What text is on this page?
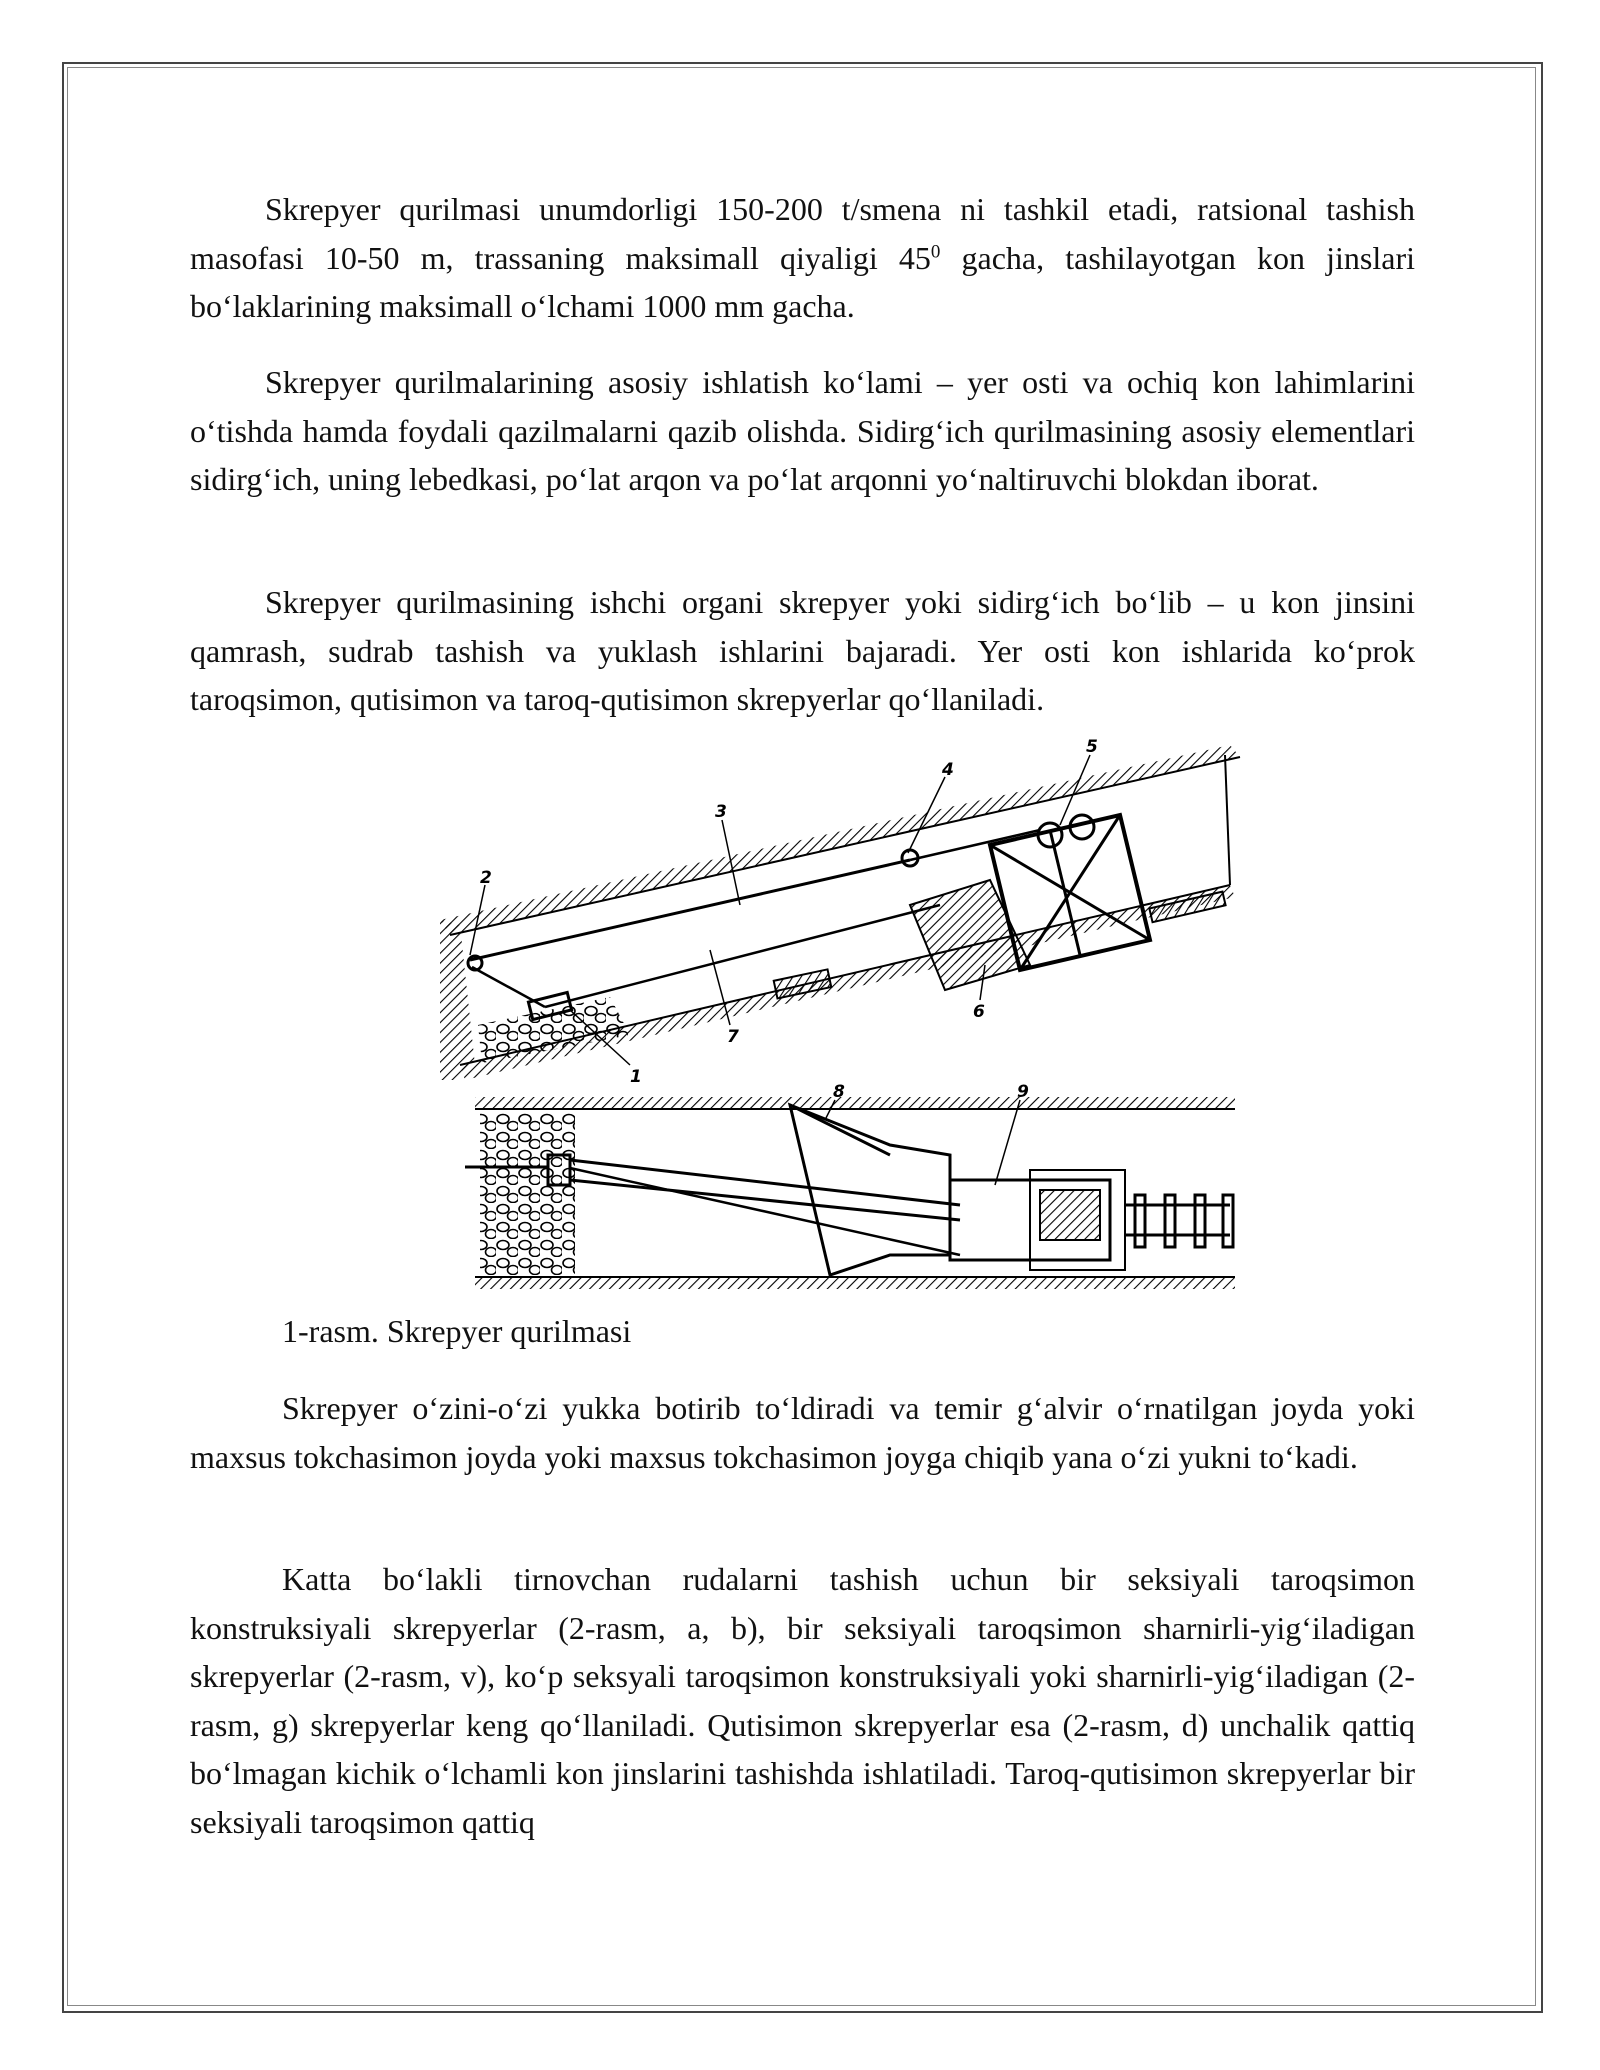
Skrepyer qurilmasi unumdorligi 150-200 t/smena ni tashkil etadi, ratsional tashish masofasi 10-50 m, trassaning maksimall qiyaligi $45^0$ gacha, tashilayotgan kon jinslari bo‘laklarining maksimall o‘lchami 1000 mm gacha.

Skrepyer qurilmalarining asosiy ishlatish ko‘lami – yer osti va ochiq kon lahimlarini o‘tishda hamda foydali qazilmalarni qazib olishda. Sidirg‘ich qurilmasining asosiy elementlari sidirg‘ich, uning lebedkasi, po‘lat arqon va po‘lat arqonni yo‘naltiruvchi blokdan iborat.

Skrepyer qurilmasining ishchi organi skrepyer yoki sidirg‘ich bo‘lib – u kon jinsini qamrash, sudrab tashish va yuklash ishlarini bajaradi. Yer osti kon ishlarida ko‘prok taroqsimon, qutisimon va taroq-qutisimon skrepyerlar qo‘llaniladi.

Skrepyer o‘zini-o‘zi yukka botirib to‘ldiradi va temir g‘alvir o‘rnatilgan joyda yoki maxsus tokchasimon joyda yoki maxsus tokchasimon joyga chiqib yana o‘zi yukni to‘kadi.

Katta bo‘lakli tirnovchan rudalarni tashish uchun bir seksiyali taroqsimon konstruksiyali skrepyerlar (2-rasm, a, b), bir seksiyali taroqsimon sharnirli-yig‘iladigan skrepyerlar (2-rasm, v), ko‘p seksyali taroqsimon konstruksiyali yoki sharnirli-yig‘iladigan (2-rasm, g) skrepyerlar keng qo‘llaniladi. Qutisimon skrepyerlar esa (2-rasm, d) unchalik qattiq bo‘lmagan kichik o‘lchamli kon jinslarini tashishda ishlatiladi. Taroq-qutisimon skrepyerlar bir seksiyali taroqsimon qattiq

1-rasm. Skrepyer qurilmasi
1
2
3
4
5
6
7
8	9
